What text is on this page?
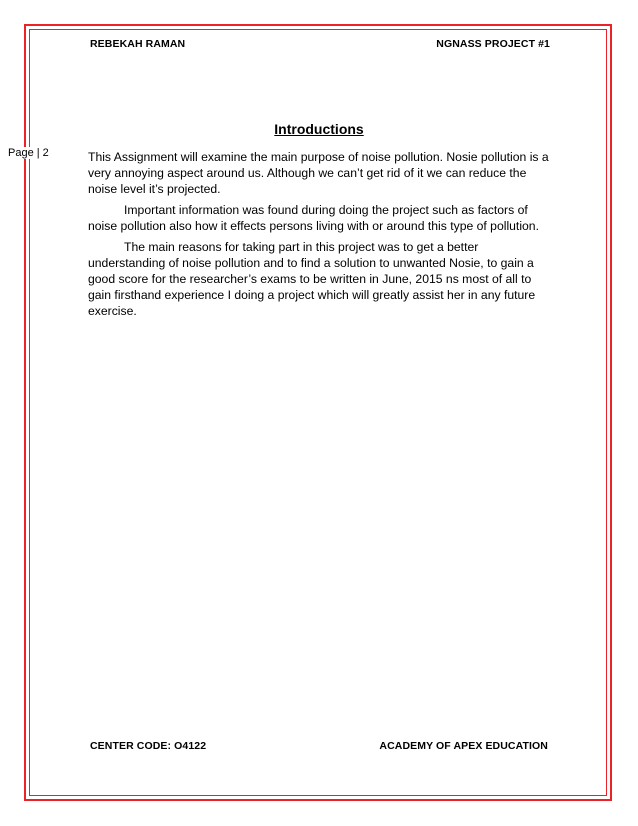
REBEKAH RAMAN	NGNASS PROJECT #1
Page | 2
Introductions

This Assignment will examine the main purpose of noise pollution. Nosie pollution is a very annoying aspect around us. Although we can’t get rid of it we can reduce the noise level it’s projected.

Important information was found during doing the project such as factors of noise pollution also how it effects persons living with or around this type of pollution.

The main reasons for taking part in this project was to get a better understanding of noise pollution and to find a solution to unwanted Nosie, to gain a good score for the researcher’s exams to be written in June, 2015 ns most of all to gain firsthand experience I doing a project which will greatly assist her in any future exercise.

CENTER CODE: O4122	ACADEMY OF APEX EDUCATION
